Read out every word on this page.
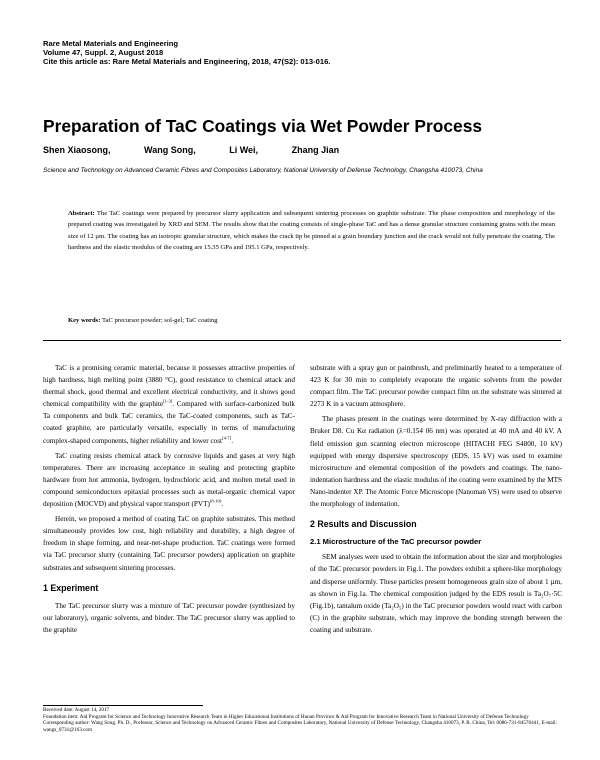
Rare Metal Materials and Engineering
Volume 47, Suppl. 2, August 2018
Cite this article as: Rare Metal Materials and Engineering, 2018, 47(S2): 013-016.
Preparation of TaC Coatings via Wet Powder Process
Shen Xiaosong,	Wang Song,	Li Wei,	Zhang Jian
Science and Technology on Advanced Ceramic Fibres and Composites Laboratory, National University of Defense Technology, Changsha 410073, China
Abstract: The TaC coatings were prepared by precursor slurry application and subsequent sintering processes on graphite substrate. The phase composition and morphology of the prepared coating was investigated by XRD and SEM. The results show that the coating consists of single-phase TaC and has a dense granular structure containing grains with the mean size of 12 µm. The coating has an isotropic granular structure, which makes the crack tip be pinned at a grain boundary junction and the crack would not fully penetrate the coating. The hardness and the elastic modulus of the coating are 15.35 GPa and 195.1 GPa, respectively.
Key words: TaC precursor powder; sol-gel; TaC coating

TaC is a promising ceramic material, because it possesses attractive properties of high hardness, high melting point (3880 °C), good resistance to chemical attack and thermal shock, good thermal and excellent electrical conductivity, and it shows good chemical compatibility with the graphite[1-3]. Compared with surface-carbonized bulk Ta components and bulk TaC ceramics, the TaC-coated components, such as TaC-coated graphite, are particularly versatile, especially in terms of manufacturing complex-shaped components, higher reliability and lower cost[4-7].

TaC coating resists chemical attack by corrosive liquids and gases at very high temperatures. There are increasing acceptance in sealing and protecting graphite hardware from hot ammonia, hydrogen, hydrochloric acid, and molten metal used in compound semiconductors epitaxial processes such as metal-organic chemical vapor deposition (MOCVD) and physical vapor transport (PVT)[8-10].

Herein, we proposed a method of coating TaC on graphite substrates. This method simultaneously provides low cost, high reliability and durability, a high degree of freedom in shape forming, and near-net-shape production. TaC coatings were formed via TaC precursor slurry (containing TaC precursor powders) application on graphite substrates and subsequent sintering processes.

1 Experiment

The TaC precursor slurry was a mixture of TaC precursor powder (synthesized by our laboratory), organic solvents, and binder. The TaC precursor slurry was applied to the graphite

substrate with a spray gun or paintbrush, and preliminarily heated to a temperature of 423 K for 30 min to completely evaporate the organic solvents from the powder compact film. The TaC precursor powder compact film on the substrate was sintered at 2273 K in a vacuum atmosphere.

The phases present in the coatings were determined by X-ray diffraction with a Bruker D8. Cu Kα radiation (λ=0.154 06 nm) was operated at 40 mA and 40 kV. A field emission gun scanning electron microscope (HITACHI FEG S4800, 10 kV) equipped with energy dispersive spectroscopy (EDS, 15 kV) was used to examine microstructure and elemental composition of the powders and coatings. The nano-indentation hardness and the elastic modulus of the coating were examined by the MTS Nano-indenter XP. The Atomic Force Microscope (Nanoman VS) were used to observe the morphology of indentation.

2 Results and Discussion
2.1 Microstructure of the TaC precursor powder

SEM analyses were used to obtain the information about the size and morphologies of the TaC precursor powders in Fig.1. The powders exhibit a sphere-like morphology and disperse uniformly. These particles present homogeneous grain size of about 1 µm, as shown in Fig.1a. The chemical composition judged by the EDS result is Ta₂O₇·5C (Fig.1b), tantalum oxide (Ta₂O₅) in the TaC precursor powders would react with carbon (C) in the graphite substrate, which may improve the bonding strength between the coating and substrate.

Received date: August 14, 2017
Foundation item: Aid Program for Science and Technology Innovative Research Team in Higher Educational Institutions of Hunan Province & Aid Program for Innovative Research Team in National University of Defense Technology
Corresponding author: Wang Song, Ph. D., Professor, Science and Technology on Advanced Ceramic Fibres and Composites Laboratory, National University of Defense Technology, Changsha 410073, P. R. China, Tel: 0086-731-84576441, E-mail: wangs_0731@163.com
